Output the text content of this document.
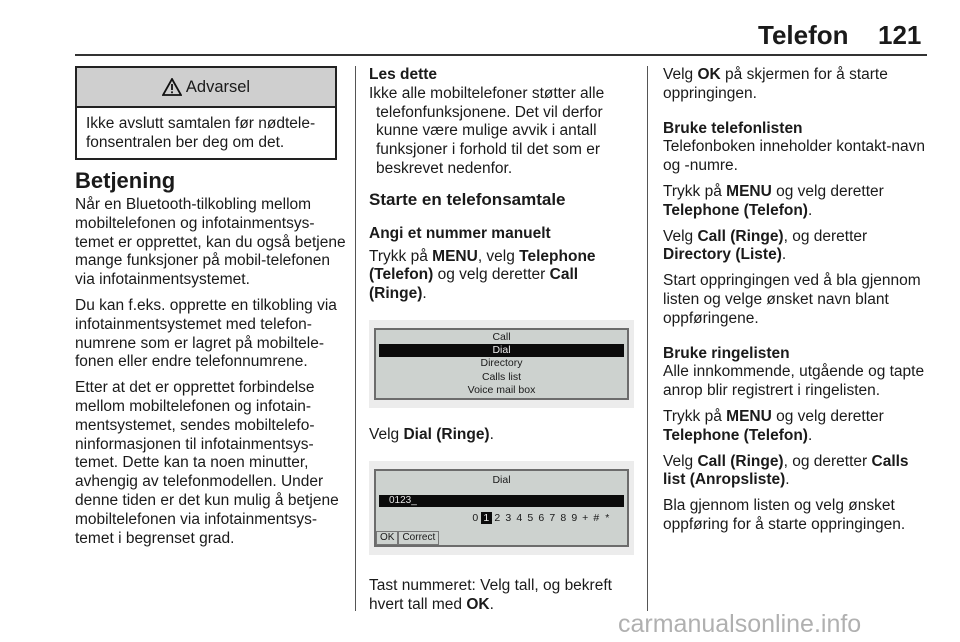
Telefon 121
Advarsel
Ikke avslutt samtalen før nødtele-fonsentralen ber deg om det.
Betjening
Når en Bluetooth-tilkobling mellom mobiltelefonen og infotainmentsys-temet er opprettet, kan du også betjene mange funksjoner på mobil-telefonen via infotainmentsystemet.
Du kan f.eks. opprette en tilkobling via infotainmentsystemet med telefon-numrene som er lagret på mobiltele-fonen eller endre telefonnumrene.
Etter at det er opprettet forbindelse mellom mobiltelefonen og infotain-mentsystemet, sendes mobiltelefo-ninformasjonen til infotainmentsys-temet. Dette kan ta noen minutter, avhengig av telefonmodellen. Under denne tiden er det kun mulig å betjene mobiltelefonen via infotainmentsys-temet i begrenset grad.
Les dette
Ikke alle mobiltelefoner støtter alle telefonfunksjonene. Det vil derfor kunne være mulige avvik i antall funksjoner i forhold til det som er beskrevet nedenfor.
Starte en telefonsamtale
Angi et nummer manuelt
Trykk på MENU, velg Telephone (Telefon) og velg deretter Call (Ringe).
Call
Dial
Directory
Calls list
Voice mail box
Velg Dial (Ringe).
Dial
0123_
0 1 2 3 4 5 6 7 8 9 + # *
OK Correct
Tast nummeret: Velg tall, og bekreft hvert tall med OK.
Velg OK på skjermen for å starte oppringingen.
Bruke telefonlisten
Telefonboken inneholder kontakt-navn og -numre.
Trykk på MENU og velg deretter Telephone (Telefon).
Velg Call (Ringe), og deretter Directory (Liste).
Start oppringingen ved å bla gjennom listen og velge ønsket navn blant oppføringene.
Bruke ringelisten
Alle innkommende, utgående og tapte anrop blir registrert i ringelisten.
Trykk på MENU og velg deretter Telephone (Telefon).
Velg Call (Ringe), og deretter Calls list (Anropsliste).
Bla gjennom listen og velg ønsket oppføring for å starte oppringingen.
carmanualsonline.info
